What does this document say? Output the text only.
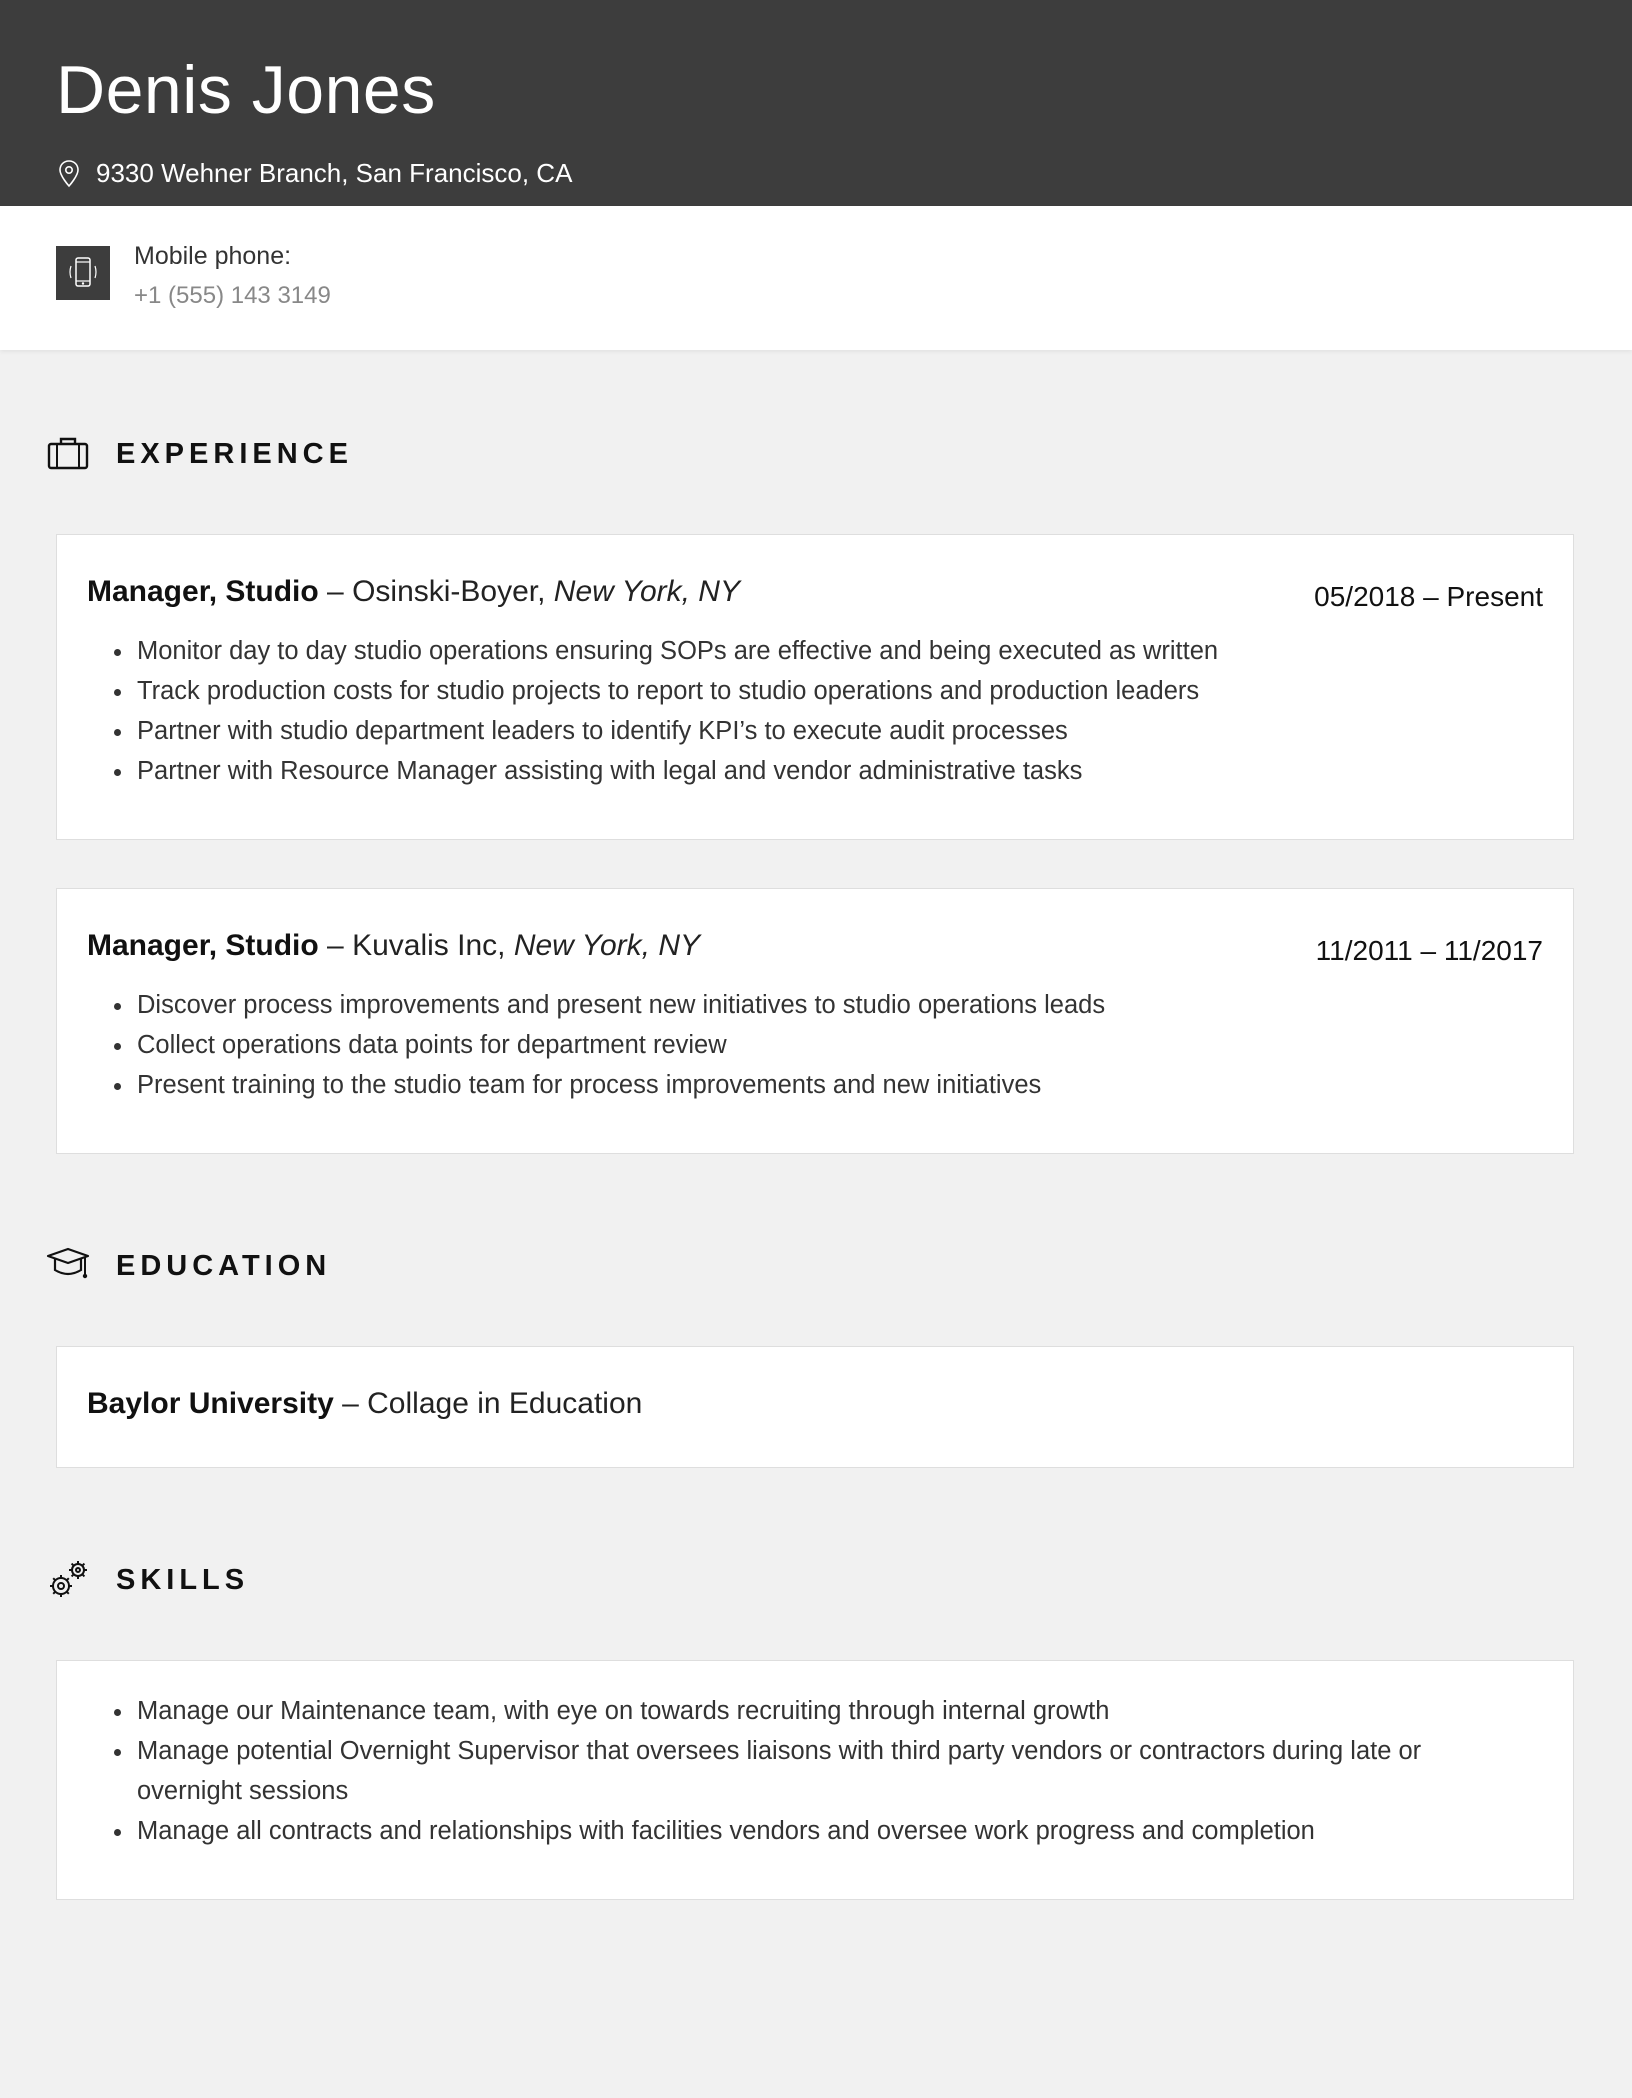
Denis Jones
9330 Wehner Branch, San Francisco, CA
Mobile phone:
+1 (555) 143 3149
EXPERIENCE
Manager, Studio – Osinski-Boyer, New York, NY	05/2018 – Present
• Monitor day to day studio operations ensuring SOPs are effective and being executed as written
• Track production costs for studio projects to report to studio operations and production leaders
• Partner with studio department leaders to identify KPI’s to execute audit processes
• Partner with Resource Manager assisting with legal and vendor administrative tasks
Manager, Studio – Kuvalis Inc, New York, NY	11/2011 – 11/2017
• Discover process improvements and present new initiatives to studio operations leads
• Collect operations data points for department review
• Present training to the studio team for process improvements and new initiatives
EDUCATION
Baylor University – Collage in Education
SKILLS
• Manage our Maintenance team, with eye on towards recruiting through internal growth
• Manage potential Overnight Supervisor that oversees liaisons with third party vendors or contractors during late or overnight sessions
• Manage all contracts and relationships with facilities vendors and oversee work progress and completion
